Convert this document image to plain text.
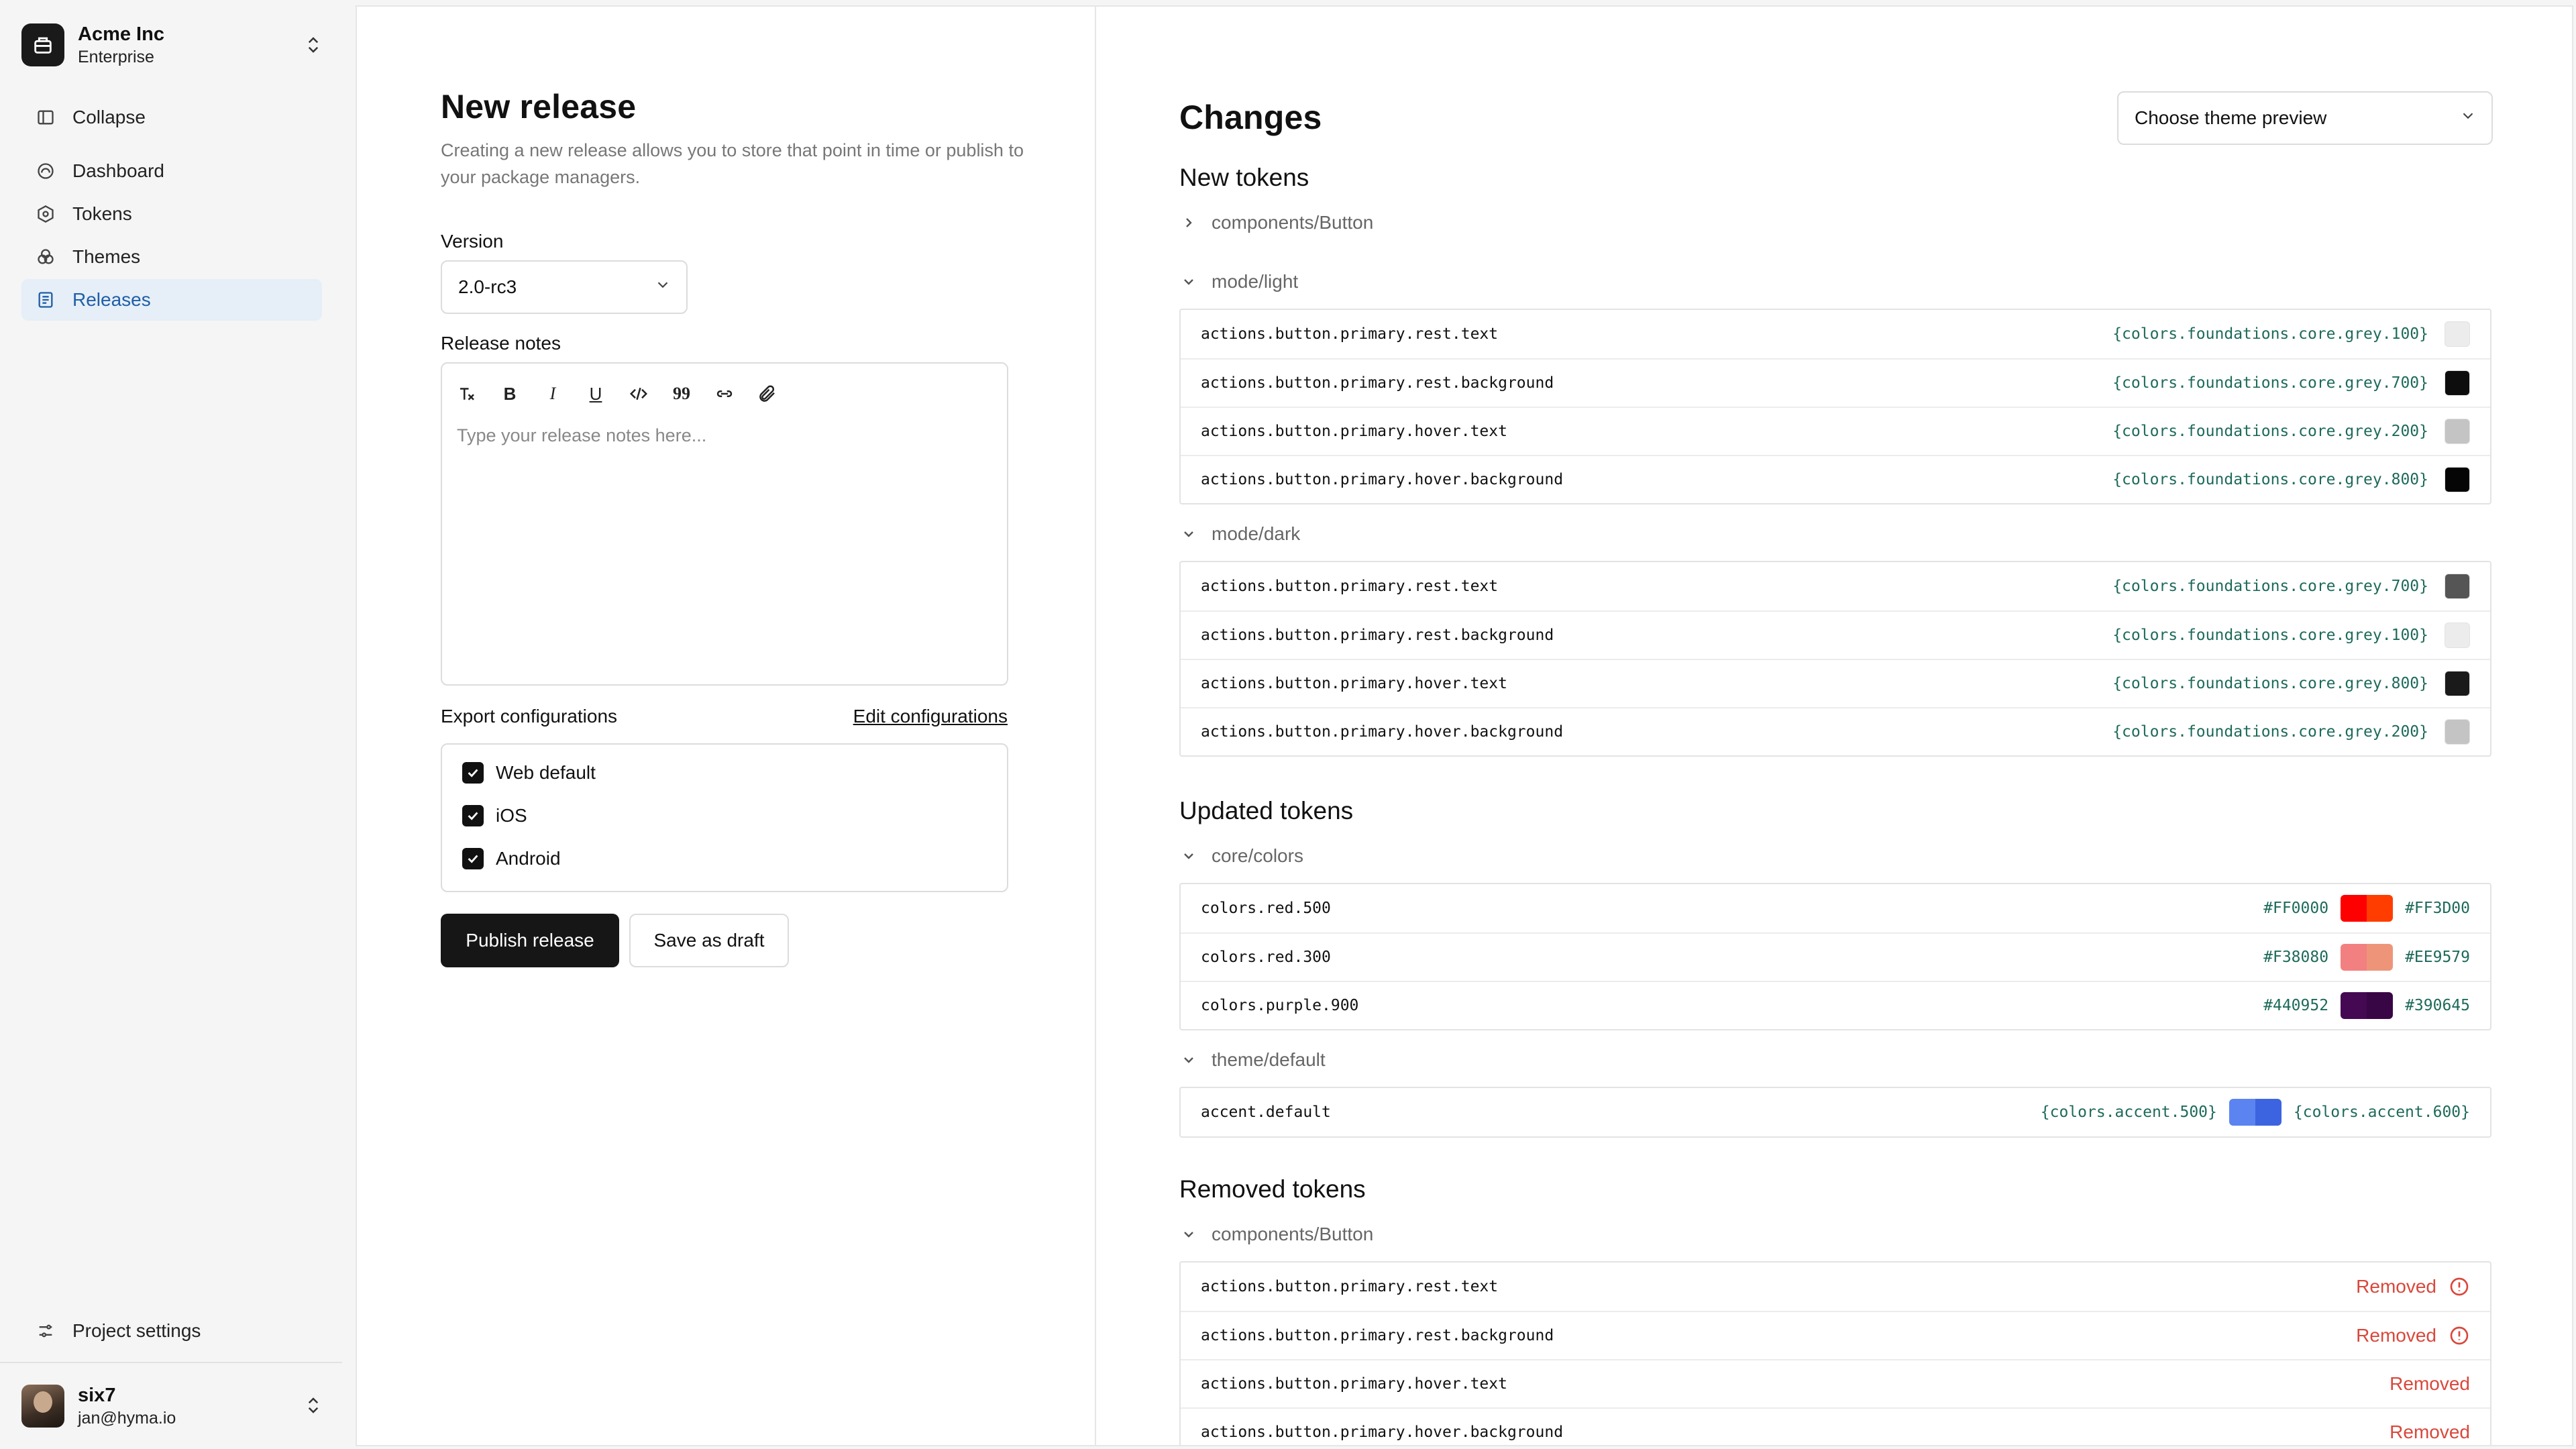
Acme Inc
Enterprise
Collapse
Dashboard
Tokens
Themes
Releases
Project settings
six7
jan@hyma.io
New release
Creating a new release allows you to store that point in time or publish to your package managers.
Version
2.0-rc3
Release notes
B	I	U	99
Type your release notes here...
Export configurations	Edit configurations
Web default
iOS
Android
Publish release	Save as draft
Changes	Choose theme preview
New tokens
components/Button
mode/light
actions.button.primary.rest.text	{colors.foundations.core.grey.100}
actions.button.primary.rest.background	{colors.foundations.core.grey.700}
actions.button.primary.hover.text	{colors.foundations.core.grey.200}
actions.button.primary.hover.background	{colors.foundations.core.grey.800}
mode/dark
actions.button.primary.rest.text	{colors.foundations.core.grey.700}
actions.button.primary.rest.background	{colors.foundations.core.grey.100}
actions.button.primary.hover.text	{colors.foundations.core.grey.800}
actions.button.primary.hover.background	{colors.foundations.core.grey.200}
Updated tokens
core/colors
colors.red.500	#FF0000	#FF3D00
colors.red.300	#F38080	#EE9579
colors.purple.900	#440952	#390645
theme/default
accent.default	{colors.accent.500}	{colors.accent.600}
Removed tokens
components/Button
actions.button.primary.rest.text	Removed
actions.button.primary.rest.background	Removed
actions.button.primary.hover.text	Removed
actions.button.primary.hover.background	Removed
